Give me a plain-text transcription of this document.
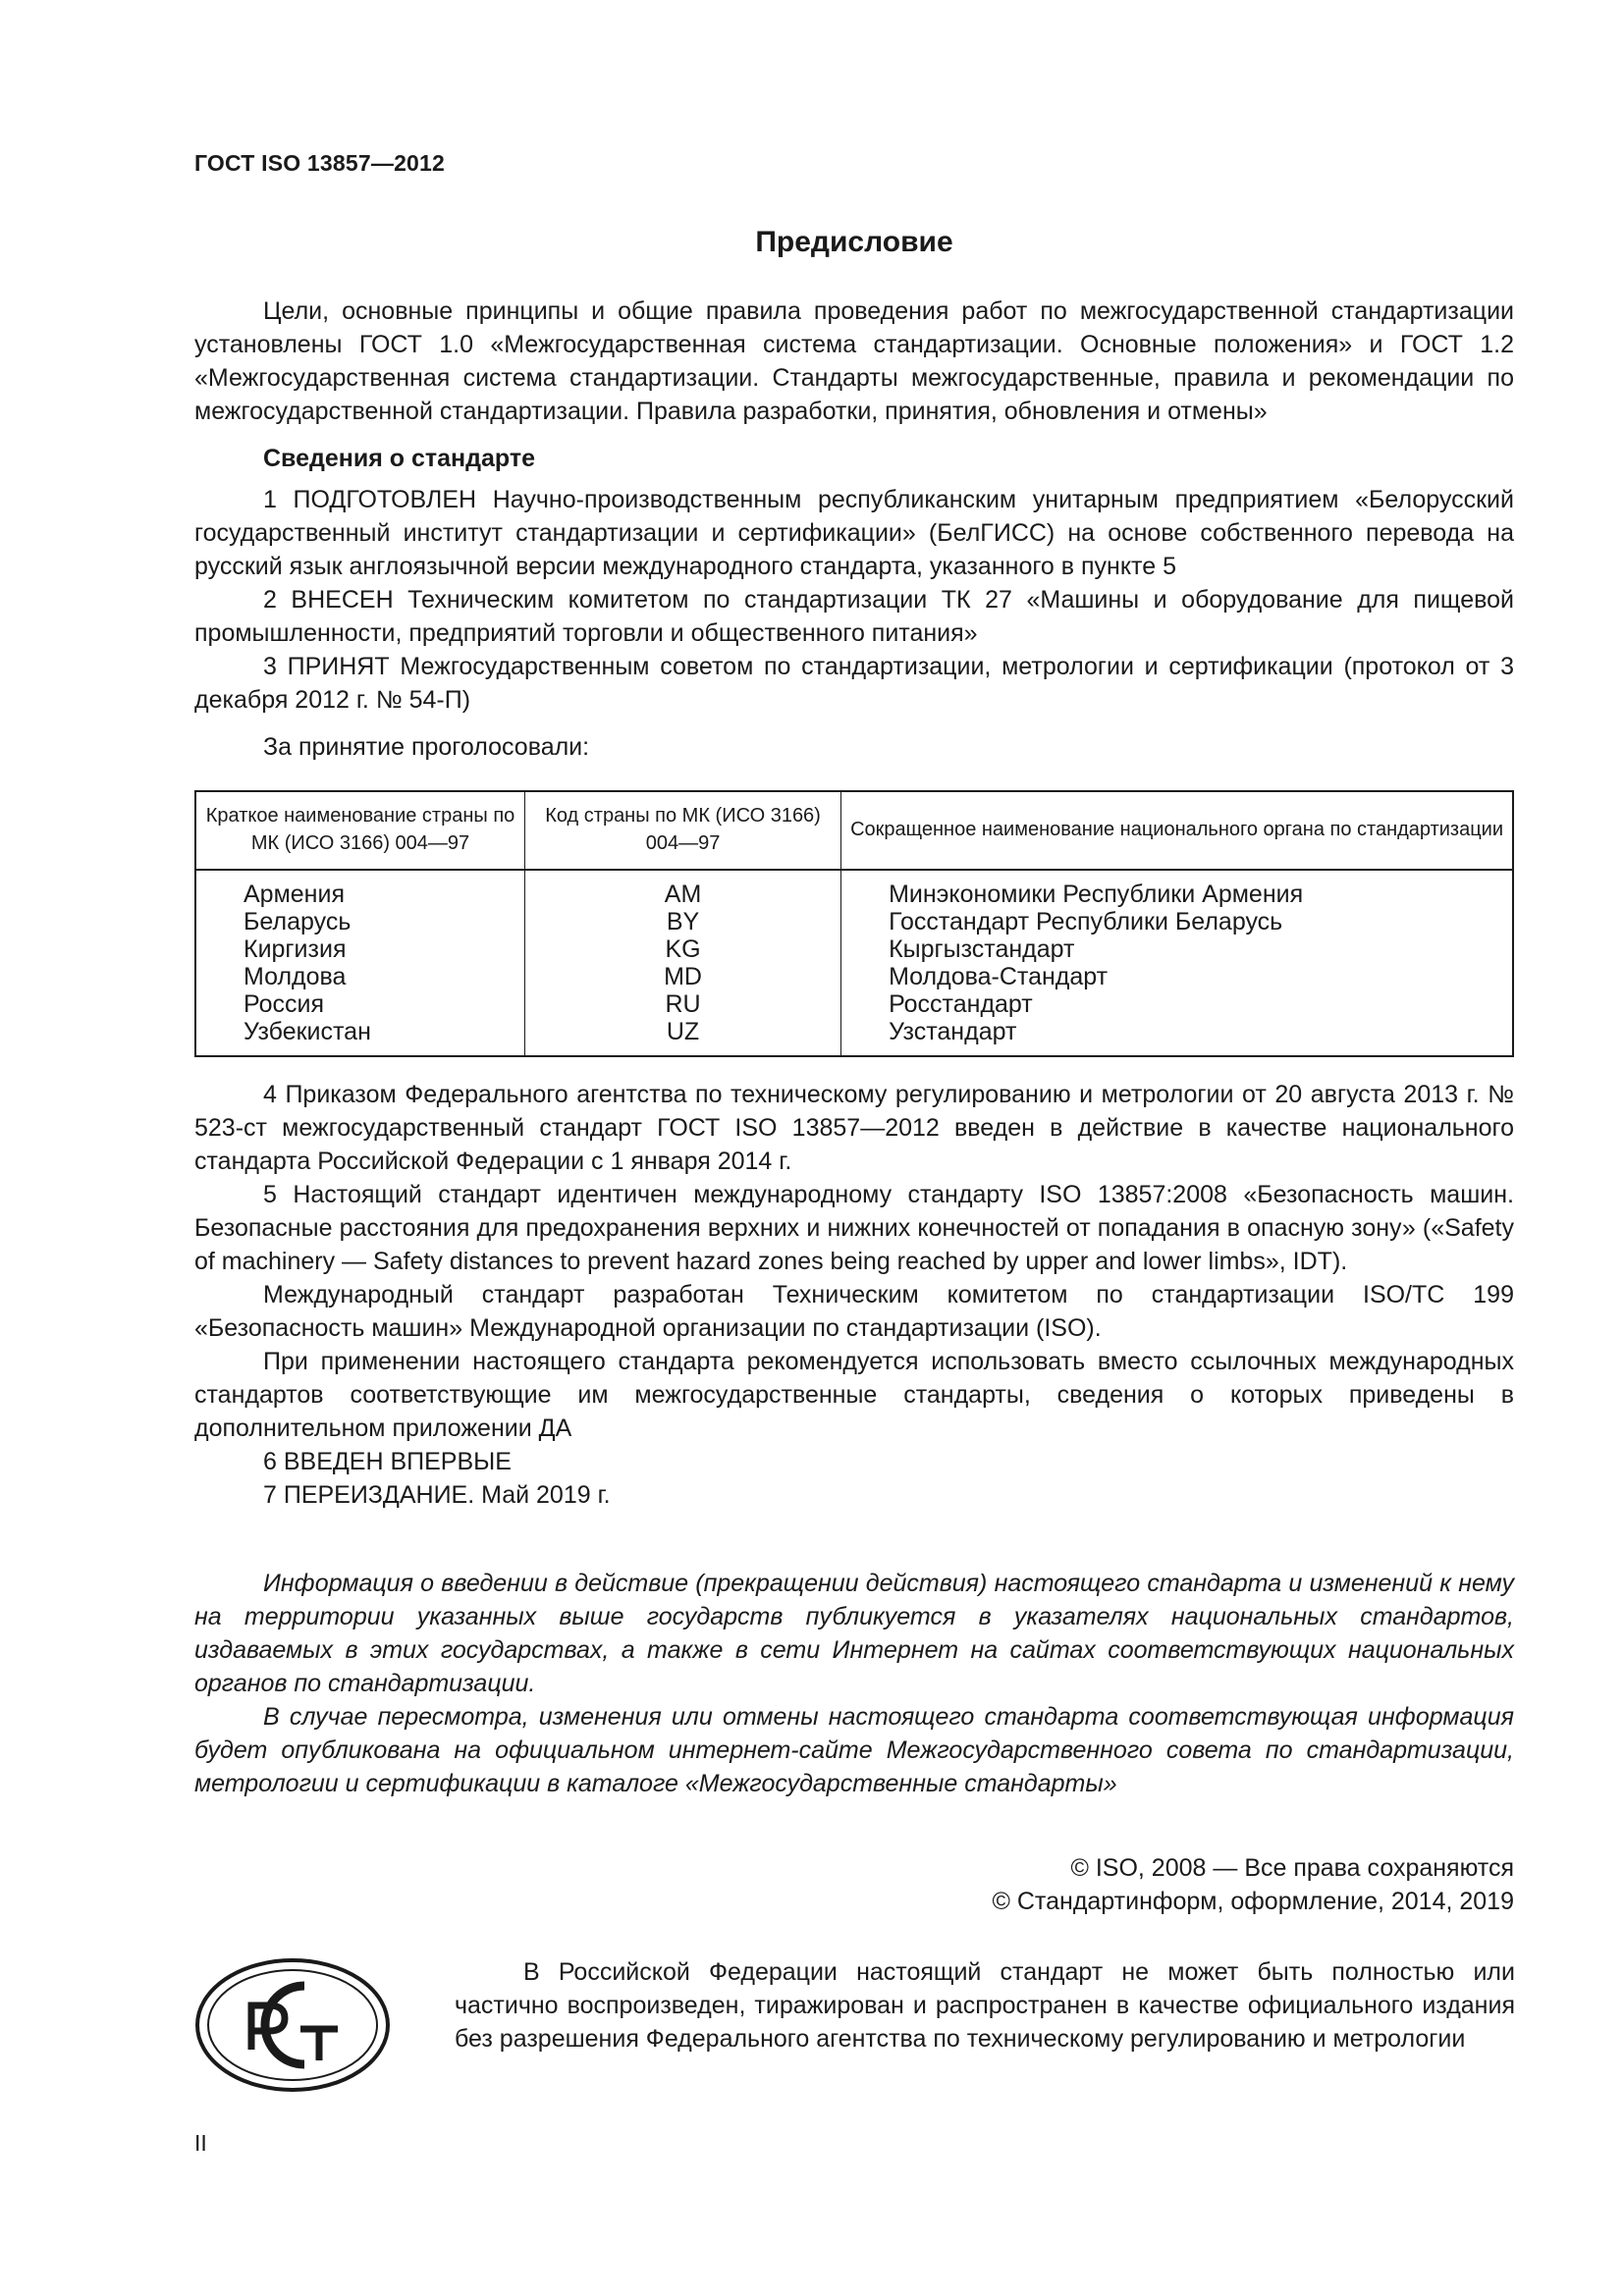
ГОСТ ISO 13857—2012
Предисловие

Цели, основные принципы и общие правила проведения работ по межгосударственной стандартизации установлены ГОСТ 1.0 «Межгосударственная система стандартизации. Основные положения» и ГОСТ 1.2 «Межгосударственная система стандартизации. Стандарты межгосударственные, правила и рекомендации по межгосударственной стандартизации. Правила разработки, принятия, обновления и отмены»

Сведения о стандарте

1 ПОДГОТОВЛЕН Научно-производственным республиканским унитарным предприятием «Белорусский государственный институт стандартизации и сертификации» (БелГИСС) на основе собственного перевода на русский язык англоязычной версии международного стандарта, указанного в пункте 5

2 ВНЕСЕН Техническим комитетом по стандартизации ТК 27 «Машины и оборудование для пищевой промышленности, предприятий торговли и общественного питания»

3 ПРИНЯТ Межгосударственным советом по стандартизации, метрологии и сертификации (протокол от 3 декабря 2012 г. № 54-П)

За принятие проголосовали:

Краткое наименование страны по МК (ИСО 3166) 004—97	Код страны по МК (ИСО 3166) 004—97	Сокращенное наименование национального органа по стандартизации
Армения	AM	Минэкономики Республики Армения
Беларусь	BY	Госстандарт Республики Беларусь
Киргизия	KG	Кыргызстандарт
Молдова	MD	Молдова-Стандарт
Россия	RU	Росстандарт
Узбекистан	UZ	Узстандарт

4 Приказом Федерального агентства по техническому регулированию и метрологии от 20 августа 2013 г. № 523-ст межгосударственный стандарт ГОСТ ISO 13857—2012 введен в действие в качестве национального стандарта Российской Федерации с 1 января 2014 г.

5 Настоящий стандарт идентичен международному стандарту ISO 13857:2008 «Безопасность машин. Безопасные расстояния для предохранения верхних и нижних конечностей от попадания в опасную зону» («Safety of machinery — Safety distances to prevent hazard zones being reached by upper and lower limbs», IDT).

Международный стандарт разработан Техническим комитетом по стандартизации ISO/TC 199 «Безопасность машин» Международной организации по стандартизации (ISO).

При применении настоящего стандарта рекомендуется использовать вместо ссылочных международных стандартов соответствующие им межгосударственные стандарты, сведения о которых приведены в дополнительном приложении ДА

6 ВВЕДЕН ВПЕРВЫЕ

7 ПЕРЕИЗДАНИЕ. Май 2019 г.

Информация о введении в действие (прекращении действия) настоящего стандарта и изменений к нему на территории указанных выше государств публикуется в указателях национальных стандартов, издаваемых в этих государствах, а также в сети Интернет на сайтах соответствующих национальных органов по стандартизации.

В случае пересмотра, изменения или отмены настоящего стандарта соответствующая информация будет опубликована на официальном интернет-сайте Межгосударственного совета по стандартизации, метрологии и сертификации в каталоге «Межгосударственные стандарты»

© ISO, 2008 — Все права сохраняются
© Стандартинформ, оформление, 2014, 2019

В Российской Федерации настоящий стандарт не может быть полностью или частично воспроизведен, тиражирован и распространен в качестве официального издания без разрешения Федерального агентства по техническому регулированию и метрологии

II
